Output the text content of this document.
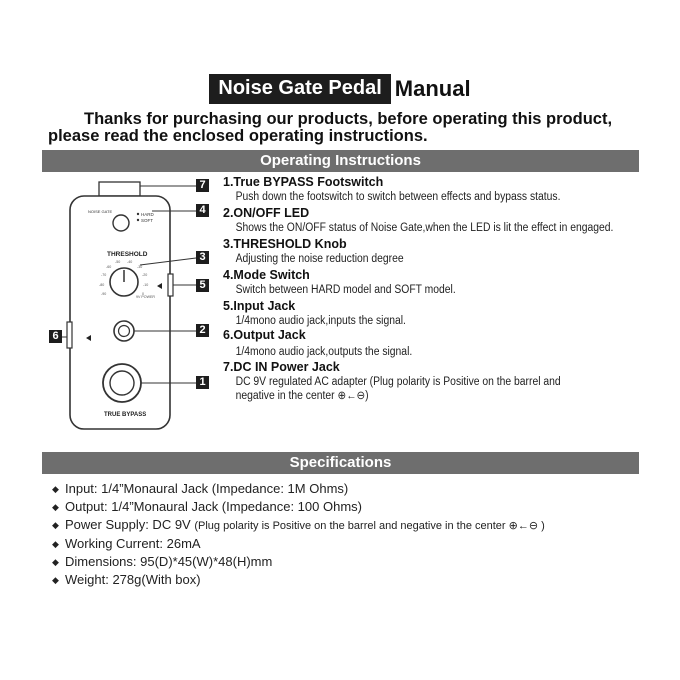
Noise Gate Pedal Manual
Thanks for purchasing our products, before operating this product,
please read the enclosed operating instructions.
Operating Instructions
NOISE GATE
HARD
SOFT
THRESHOLD
-90
-80
-70
-60
-50 -40
-30
-20
-10
0
9V POWER
TRUE BYPASS
7
4
3
5
6	2
1
1.True BYPASS Footswitch
Push down the footswitch to switch between effects and bypass status.
2.ON/OFF LED
Shows the ON/OFF status of Noise Gate,when the LED is lit the effect in engaged.
3.THRESHOLD Knob
Adjusting the noise reduction degree
4.Mode Switch
Switch between HARD model and SOFT model.
5.Input Jack
1/4mono audio jack,inputs the signal.
6.Output Jack
1/4mono audio jack,outputs the signal.
7.DC IN Power Jack
DC 9V regulated AC adapter (Plug polarity is Positive on the barrel and
negative in the center ⊕←⊖)
Specifications
◆ Input: 1/4”Monaural Jack (Impedance: 1M Ohms)
◆ Output: 1/4”Monaural Jack (Impedance: 100 Ohms)
◆ Power Supply: DC 9V (Plug polarity is Positive on the barrel and negative in the center ⊕←⊖ )
◆ Working Current: 26mA
◆ Dimensions: 95(D)*45(W)*48(H)mm
◆ Weight: 278g(With box)
